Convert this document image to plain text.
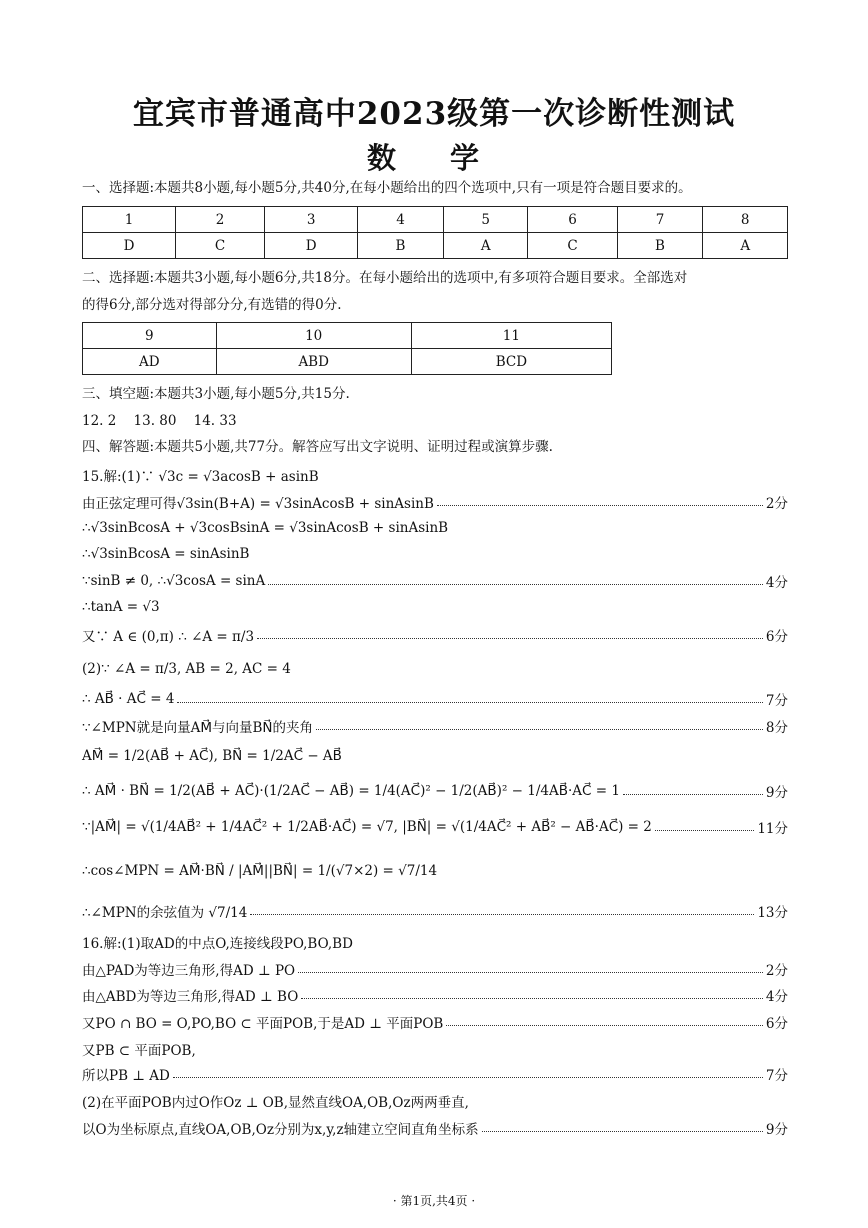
宜宾市普通高中2023级第一次诊断性测试
数 学
一、选择题:本题共8小题,每小题5分,共40分,在每小题给出的四个选项中,只有一项是符合题目要求的。
1	2	3	4	5	6	7	8
D	C	D	B	A	C	B	A
二、选择题:本题共3小题,每小题6分,共18分。在每小题给出的选项中,有多项符合题目要求。全部选对
的得6分,部分选对得部分分,有选错的得0分.
9	10	11
AD	ABD	BCD
三、填空题:本题共3小题,每小题5分,共15分.
12. 2    13. 80    14. 33
四、解答题:本题共5小题,共77分。解答应写出文字说明、证明过程或演算步骤.
15.解:(1)∵ √3c = √3acosB + asinB
由正弦定理可得√3sin(B+A) = √3sinAcosB + sinAsinB	2分
∴√3sinBcosA + √3cosBsinA = √3sinAcosB + sinAsinB
∴√3sinBcosA = sinAsinB
∵sinB ≠ 0, ∴√3cosA = sinA	4分
∴tanA = √3
又∵ A ∈ (0,π) ∴ ∠A = π/3	6分
(2)∵ ∠A = π/3, AB = 2, AC = 4
∴ AB⃗ · AC⃗ = 4	7分
∵∠MPN就是向量AM⃗与向量BN⃗的夹角	8分
AM⃗ = 1/2(AB⃗ + AC⃗), BN⃗ = 1/2AC⃗ − AB⃗
∴ AM⃗ · BN⃗ = 1/2(AB⃗ + AC⃗)·(1/2AC⃗ − AB⃗) = 1/4(AC⃗)² − 1/2(AB⃗)² − 1/4AB⃗·AC⃗ = 1	9分
∵|AM⃗| = √(1/4AB⃗² + 1/4AC⃗² + 1/2AB⃗·AC⃗) = √7, |BN⃗| = √(1/4AC⃗² + AB⃗² − AB⃗·AC⃗) = 2	11分
∴cos∠MPN = AM⃗·BN⃗ / |AM⃗||BN⃗| = 1/(√7×2) = √7/14
∴∠MPN的余弦值为 √7/14	13分
16.解:(1)取AD的中点O,连接线段PO,BO,BD
由△PAD为等边三角形,得AD ⊥ PO	2分
由△ABD为等边三角形,得AD ⊥ BO	4分
又PO ∩ BO = O,PO,BO ⊂ 平面POB,于是AD ⊥ 平面POB	6分
又PB ⊂ 平面POB,
所以PB ⊥ AD	7分
(2)在平面POB内过O作Oz ⊥ OB,显然直线OA,OB,Oz两两垂直,
以O为坐标原点,直线OA,OB,Oz分别为x,y,z轴建立空间直角坐标系	9分
· 第1页,共4页 ·
